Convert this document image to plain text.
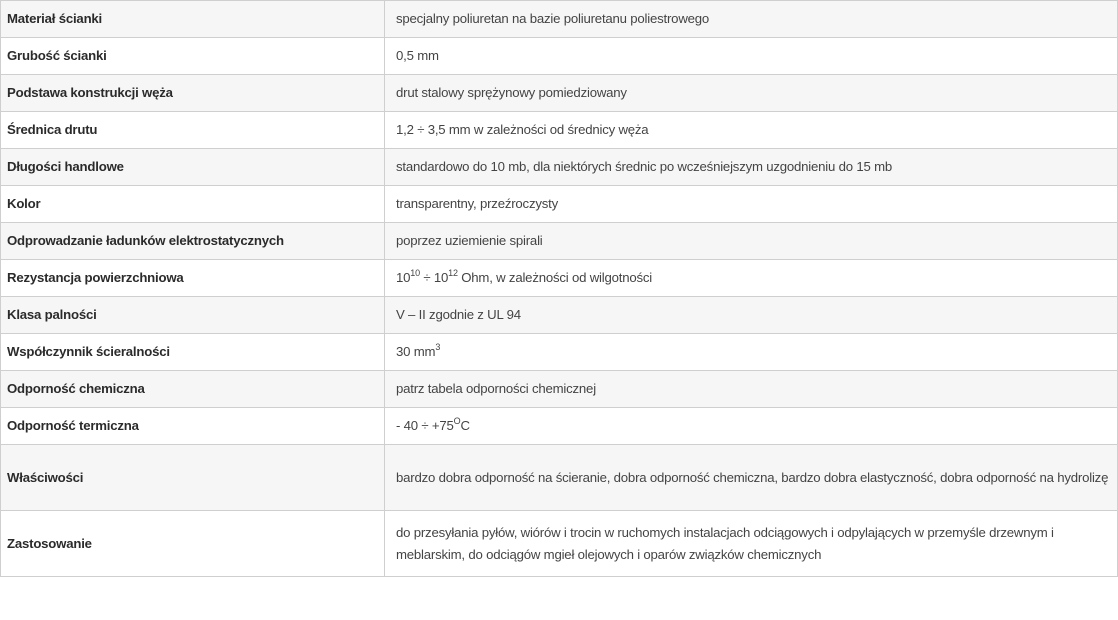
Materiał ścianki	specjalny poliuretan na bazie poliuretanu poliestrowego
Grubość ścianki	0,5 mm
Podstawa konstrukcji węża	drut stalowy sprężynowy pomiedziowany
Średnica drutu	1,2 ÷ 3,5 mm w zależności od średnicy węża
Długości handlowe	standardowo do 10 mb, dla niektórych średnic po wcześniejszym uzgodnieniu do 15 mb
Kolor	transparentny, przeźroczysty
Odprowadzanie ładunków elektrostatycznych	poprzez uziemienie spirali
Rezystancja powierzchniowa	$10^{10} \div 10^{12}$ Ohm, w zależności od wilgotności
Klasa palności	V – II zgodnie z UL 94
Współczynnik ścieralności	30 $mm^3$
Odporność chemiczna	patrz tabela odporności chemicznej
Odporność termiczna	- $40 \div +75^OC$
Właściwości	bardzo dobra odporność na ścieranie, dobra odporność chemiczna, bardzo dobra elastyczność, dobra odporność na hydrolizę
Zastosowanie	do przesyłania pyłów, wiórów i trocin w ruchomych instalacjach odciągowych i odpylających w przemyśle drzewnym i meblarskim, do odciągów mgieł olejowych i oparów związków chemicznych
